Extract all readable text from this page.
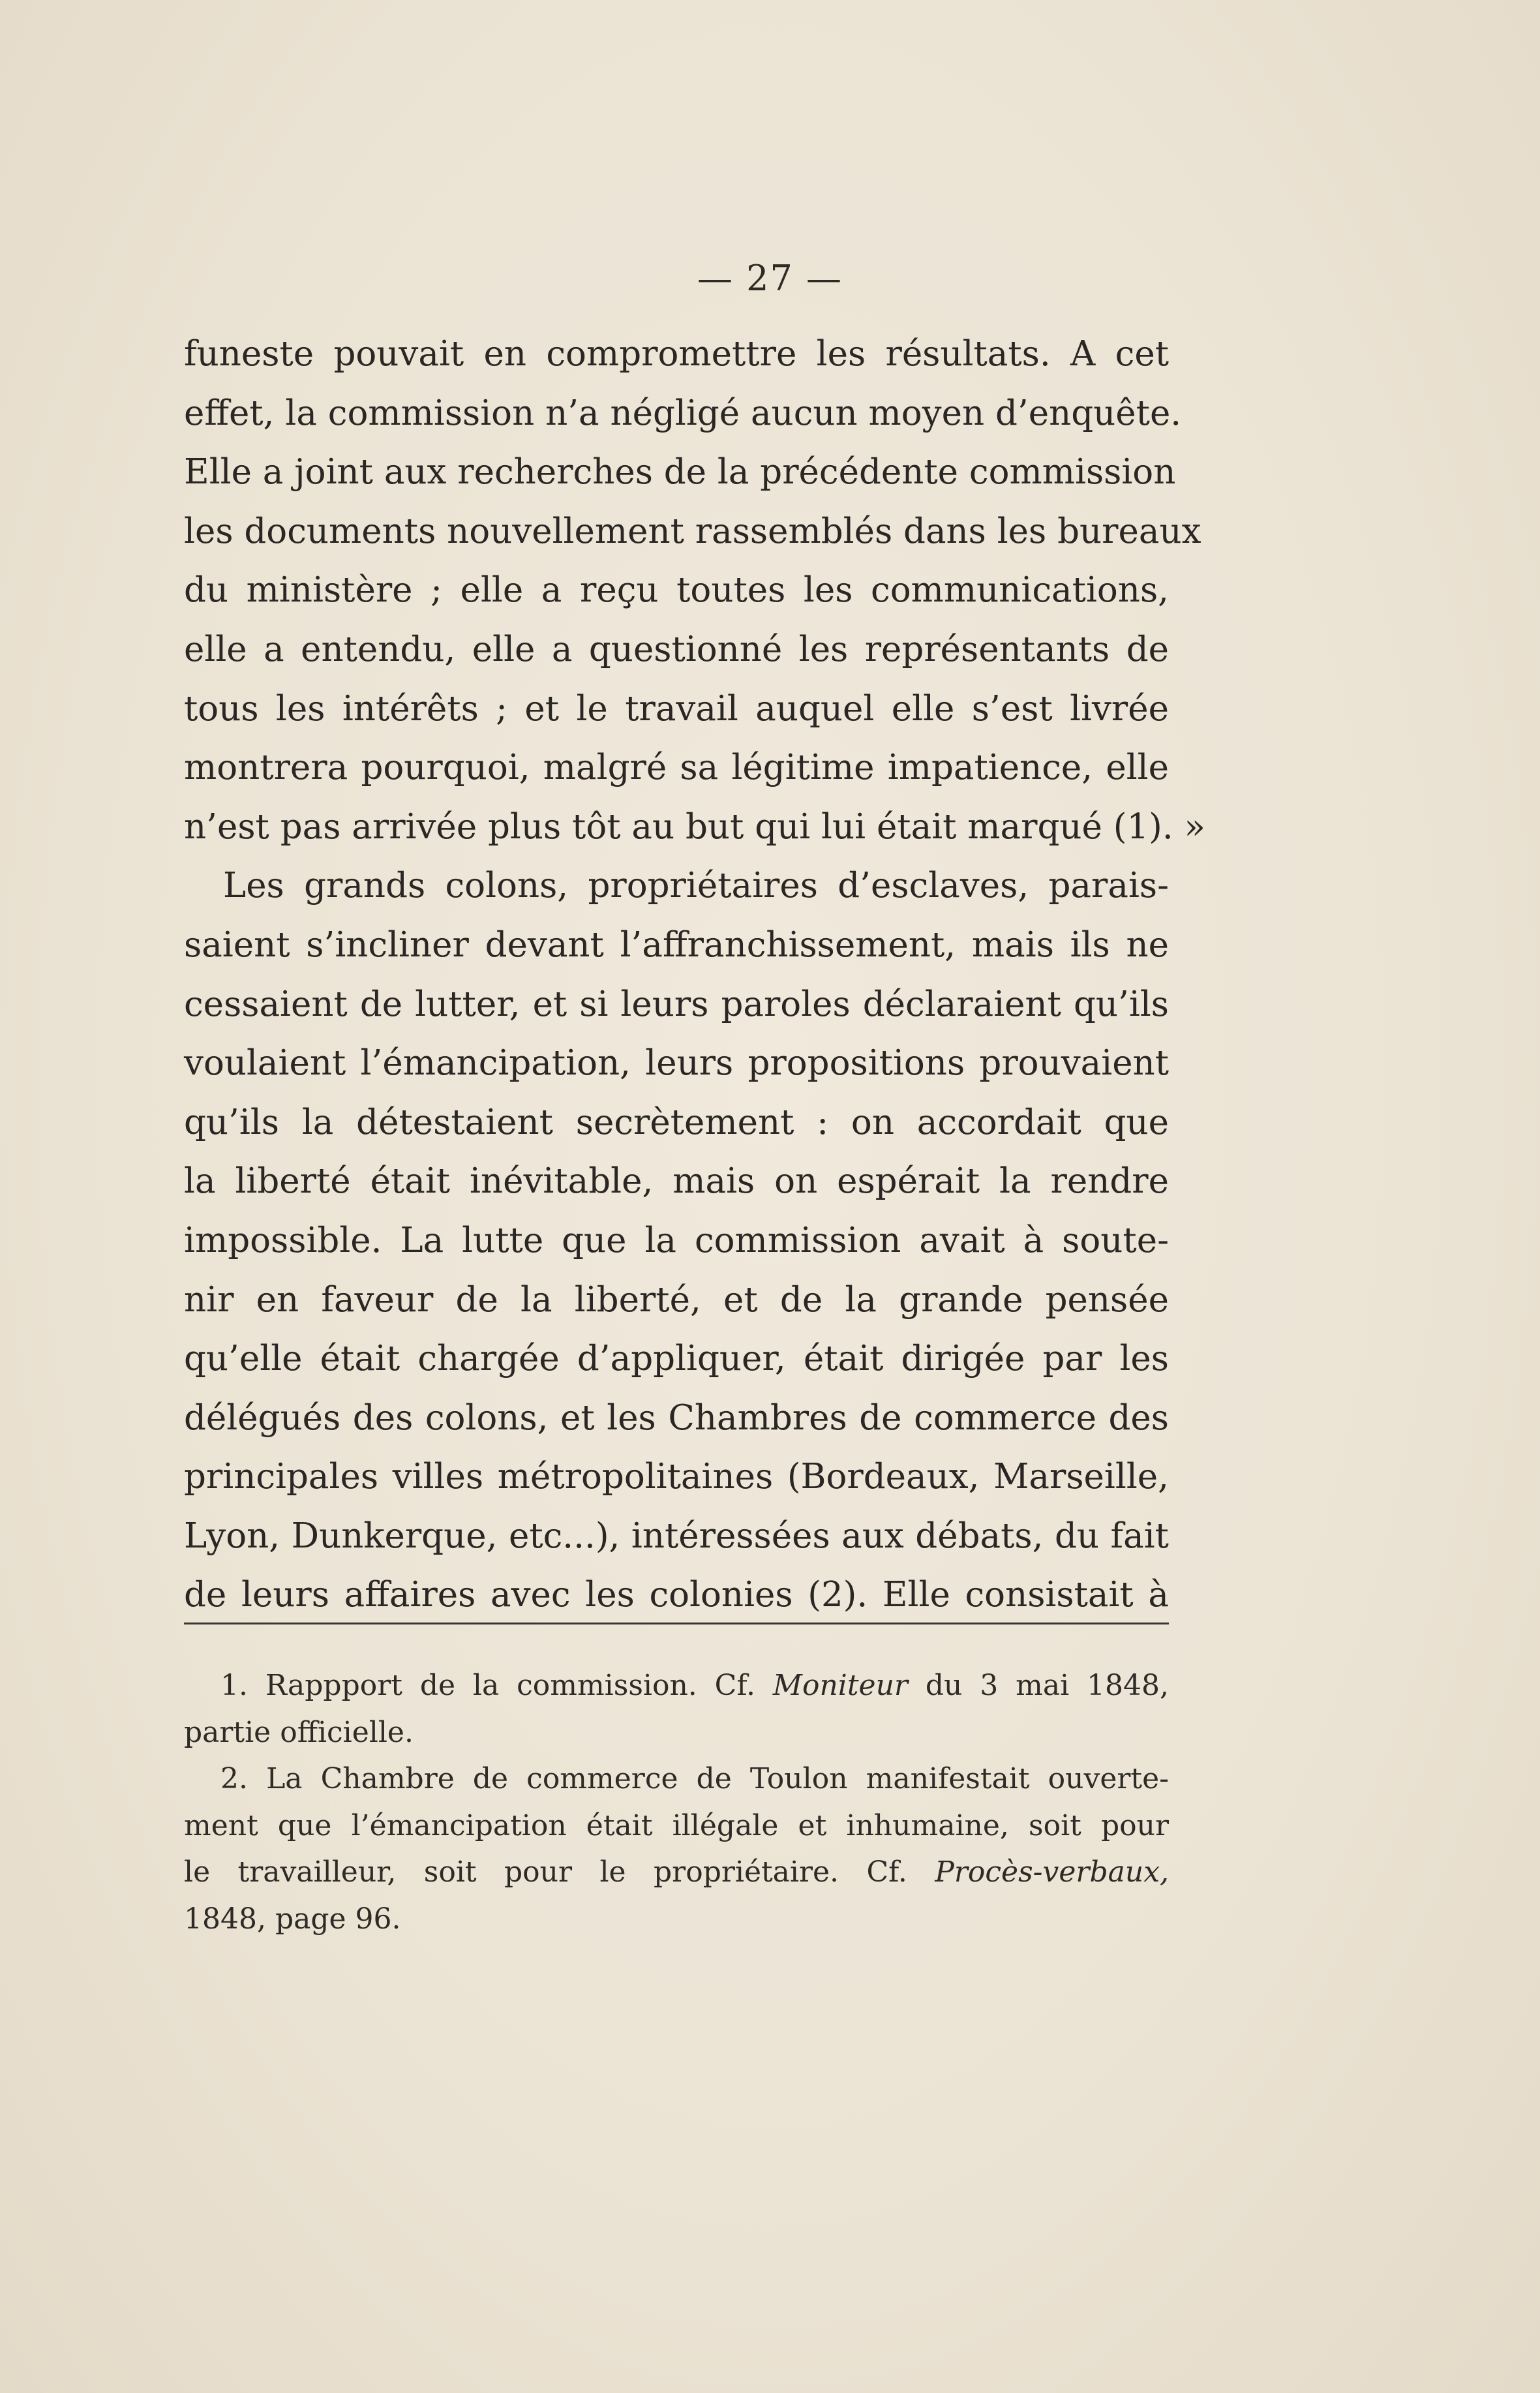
— 27 —
funeste pouvait en compromettre les résultats. A cet
effet, la commission n’a négligé aucun moyen d’enquête.
Elle a joint aux recherches de la précédente commission
les documents nouvellement rassemblés dans les bureaux
du ministère ; elle a reçu toutes les communications,
elle a entendu, elle a questionné les représentants de
tous les intérêts ; et le travail auquel elle s’est livrée
montrera pourquoi, malgré sa légitime impatience, elle
n’est pas arrivée plus tôt au but qui lui était marqué (1). »
Les grands colons, propriétaires d’esclaves, parais-
saient s’incliner devant l’affranchissement, mais ils ne
cessaient de lutter, et si leurs paroles déclaraient qu’ils
voulaient l’émancipation, leurs propositions prouvaient
qu’ils la détestaient secrètement : on accordait que
la liberté était inévitable, mais on espérait la rendre
impossible. La lutte que la commission avait à soute-
nir en faveur de la liberté, et de la grande pensée
qu’elle était chargée d’appliquer, était dirigée par les
délégués des colons, et les Chambres de commerce des
principales villes métropolitaines (Bordeaux, Marseille,
Lyon, Dunkerque, etc...), intéressées aux débats, du fait
de leurs affaires avec les colonies (2). Elle consistait à
1. Rappport de la commission. Cf. Moniteur du 3 mai 1848,
partie officielle.
2. La Chambre de commerce de Toulon manifestait ouverte-
ment que l’émancipation était illégale et inhumaine, soit pour
le travailleur, soit pour le propriétaire. Cf. Procès-verbaux,
1848, page 96.
